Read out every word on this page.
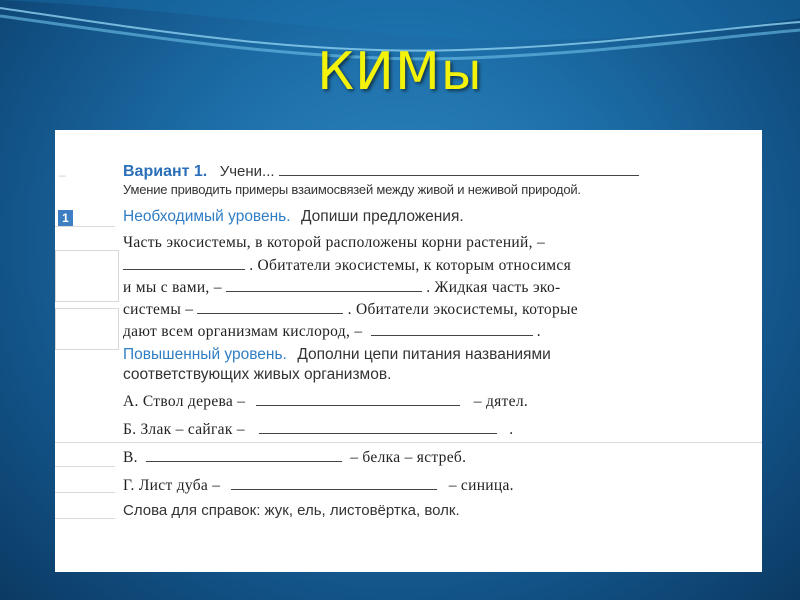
КИМы
–
1
Вариант 1. Учени...
Умение приводить примеры взаимосвязей между живой и неживой природой.
Необходимый уровень. Допиши предложения.
Часть экосистемы, в которой расположены корни растений, –
. Обитатели экосистемы, к которым относимся
и мы с вами, –	. Жидкая часть эко-
системы –	. Обитатели экосистемы, которые
дают всем организмам кислород, –	.
Повышенный уровень. Дополни цепи питания названиями
соответствующих живых организмов.
А. Ствол дерева –	– дятел.
Б. Злак – сайгак –	.
В.	– белка – ястреб.
Г. Лист дуба –	– синица.
Слова для справок: жук, ель, листовёртка, волк.
